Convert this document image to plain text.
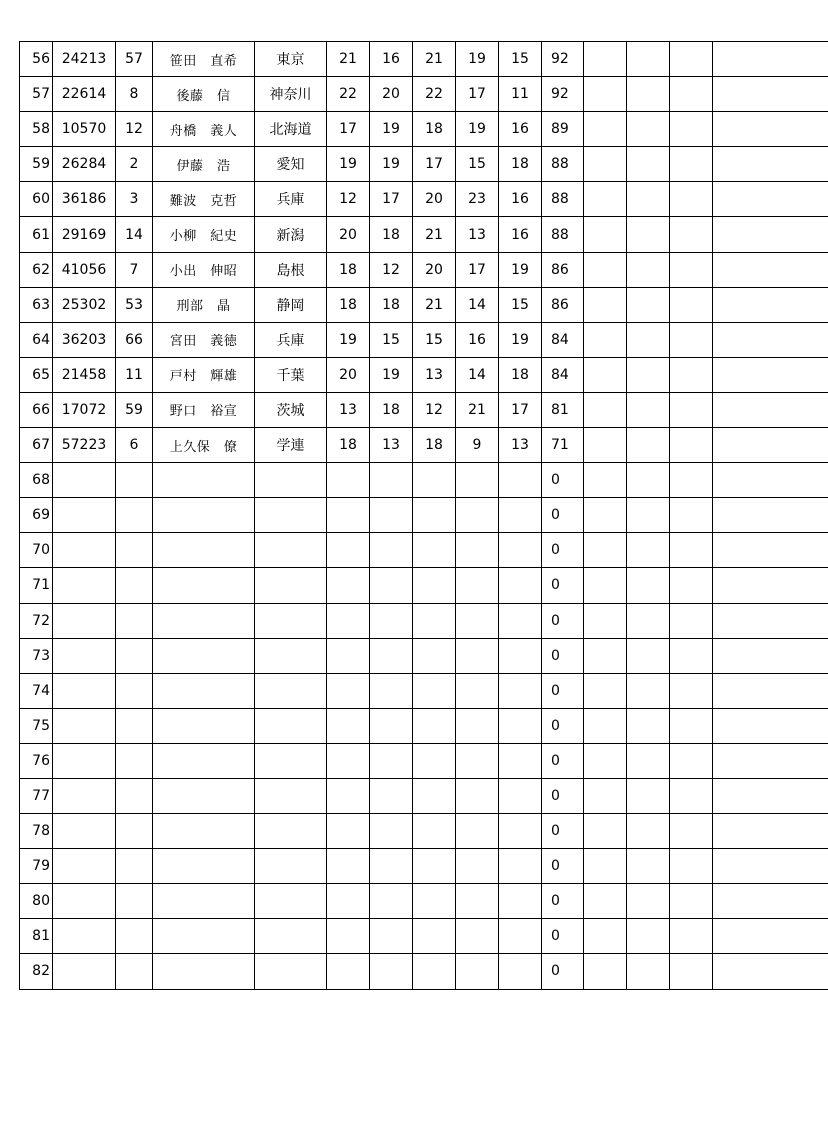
56	24213	57	笹田　直希	東京	21	16	21	19	15	92				
57	22614	8	後藤　信	神奈川	22	20	22	17	11	92				
58	10570	12	舟橋　義人	北海道	17	19	18	19	16	89				
59	26284	2	伊藤　浩	愛知	19	19	17	15	18	88				
60	36186	3	難波　克哲	兵庫	12	17	20	23	16	88				
61	29169	14	小柳　紀史	新潟	20	18	21	13	16	88				
62	41056	7	小出　伸昭	島根	18	12	20	17	19	86				
63	25302	53	刑部　晶	静岡	18	18	21	14	15	86				
64	36203	66	宮田　義徳	兵庫	19	15	15	16	19	84				
65	21458	11	戸村　輝雄	千葉	20	19	13	14	18	84				
66	17072	59	野口　裕宣	茨城	13	18	12	21	17	81				
67	57223	6	上久保　僚	学連	18	13	18	9	13	71				
68										0				
69										0				
70										0				
71										0				
72										0				
73										0				
74										0				
75										0				
76										0				
77										0				
78										0				
79										0				
80										0				
81										0				
82										0				
